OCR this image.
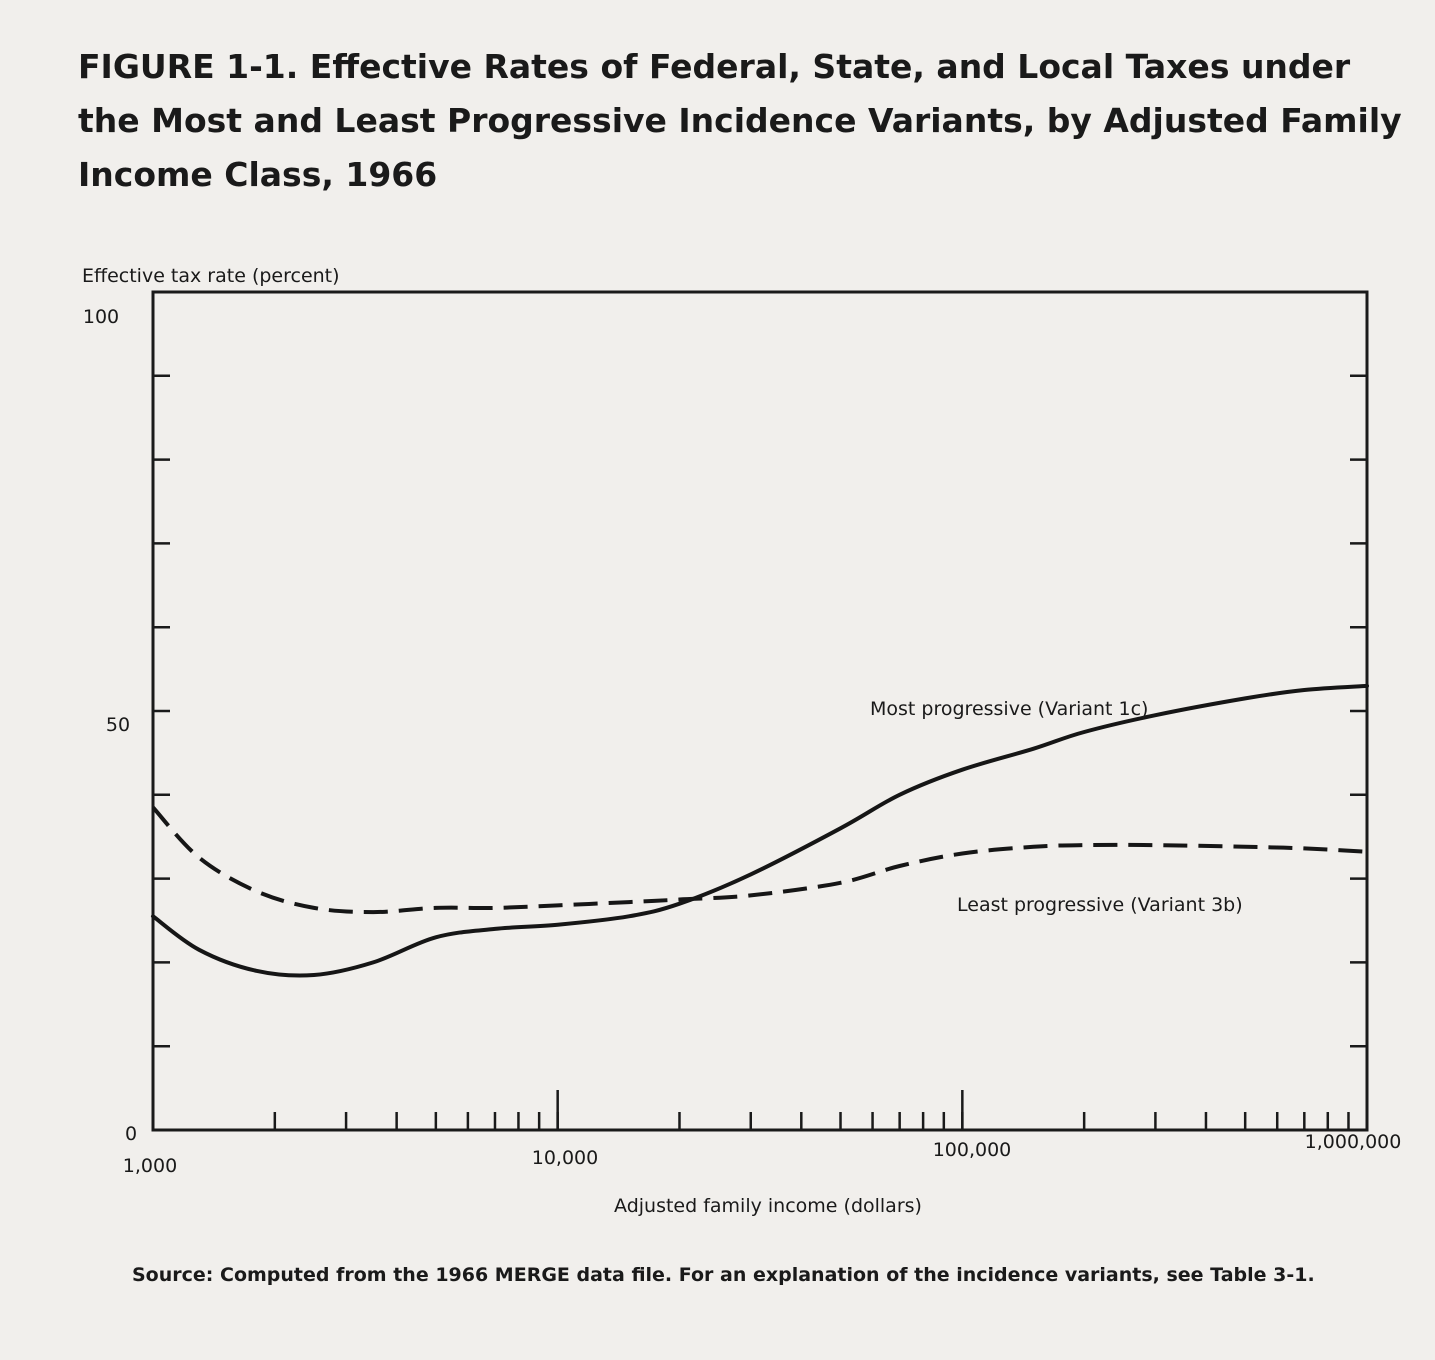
FIGURE 1-1. Effective Rates of Federal, State, and Local Taxes under
the Most and Least Progressive Incidence Variants, by Adjusted Family
Income Class, 1966
Effective tax rate (percent)
0
50
100
1,000	10,000	100,000	1,000,000
Adjusted family income (dollars)
Most progressive (Variant 1c)
Least progressive (Variant 3b)
Source: Computed from the 1966 MERGE data file. For an explanation of the incidence variants, see Table 3-1.
